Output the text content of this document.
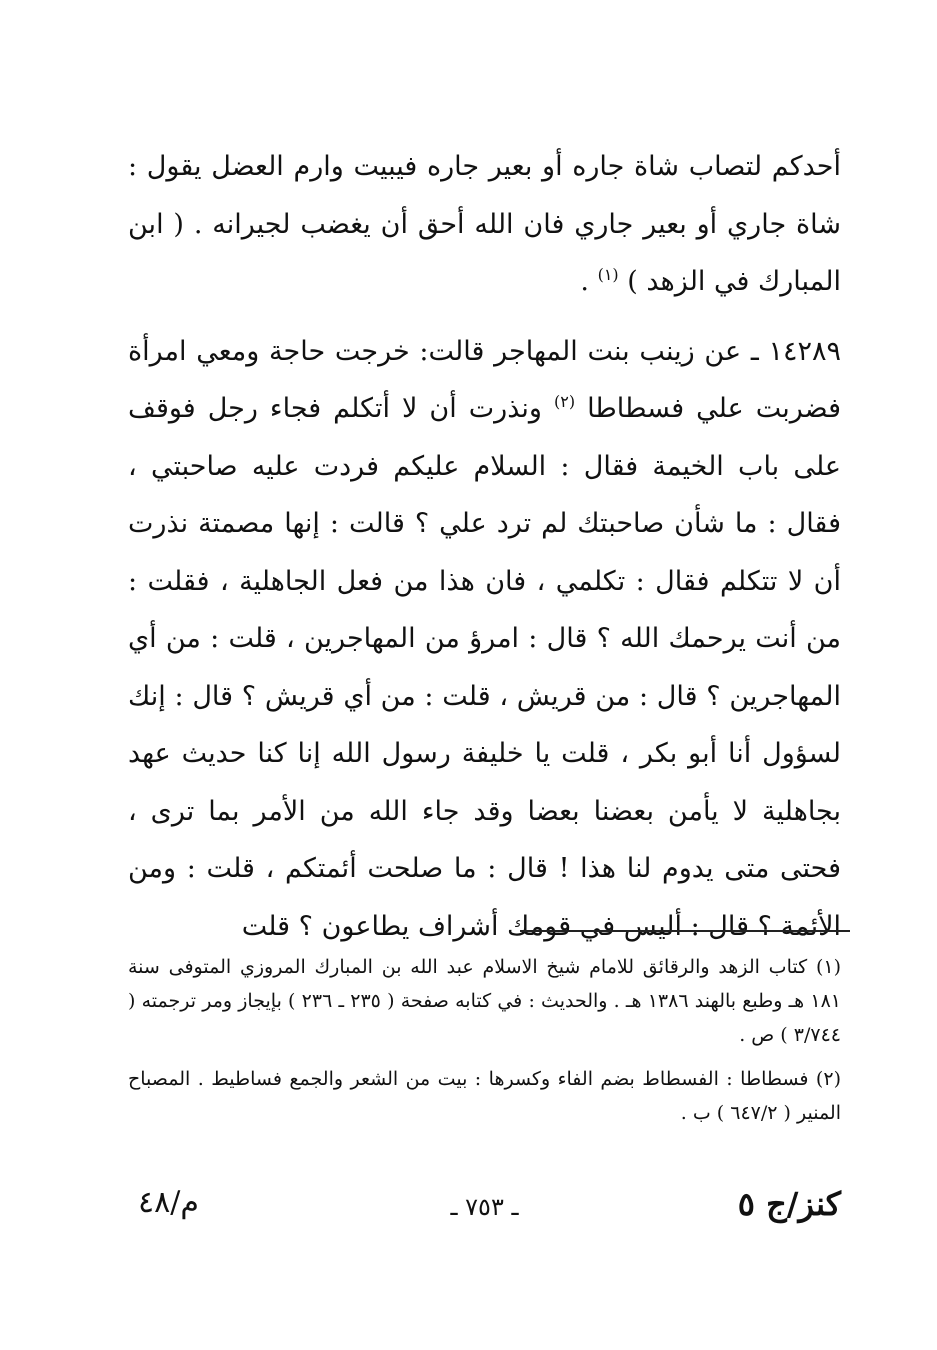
أحدكم لتصاب شاة جاره أو بعير جاره فيبيت وارم العضل يقول : شاة جاري أو بعير جاري فان الله أحق أن يغضب لجيرانه . ( ابن المبارك في الزهد ) $^{(١)}$ .

١٤٢٨٩ ـ عن زينب بنت المهاجر قالت: خرجت حاجة ومعي امرأة فضربت علي فسطاطا $^{(٢)}$ ونذرت أن لا أتكلم فجاء رجل فوقف على باب الخيمة فقال : السلام عليكم فردت عليه صاحبتي ، فقال : ما شأن صاحبتك لم ترد علي ؟ قالت : إنها مصمتة نذرت أن لا تتكلم فقال : تكلمي ، فان هذا من فعل الجاهلية ، فقلت : من أنت يرحمك الله ؟ قال : امرؤ من المهاجرين ، قلت : من أي المهاجرين ؟ قال : من قريش ، قلت : من أي قريش ؟ قال : إنك لسؤول أنا أبو بكر ، قلت يا خليفة رسول الله إنا كنا حديث عهد بجاهلية لا يأمن بعضنا بعضا وقد جاء الله من الأمر بما ترى ، فحتى متى يدوم لنا هذا ! قال : ما صلحت أئمتكم ، قلت : ومن الأئمة ؟ قال : أليس في قومك أشراف يطاعون ؟ قلت

(١) كتاب الزهد والرقائق للامام شيخ الاسلام عبد الله بن المبارك المروزي المتوفى سنة ١٨١ هـ وطبع بالهند ١٣٨٦ هـ . والحديث : في كتابه صفحة ( ٢٣٥ ـ ٢٣٦ ) بإيجاز ومر ترجمته ( ٣/٧٤٤ ) ص .

(٢) فسطاطا : الفسطاط بضم الفاء وكسرها : بيت من الشعر والجمع فساطيط . المصباح المنير ( ٦٤٧/٢ ) ب .

م/٤٨	ـ ٧٥٣ ـ	كنز/ج ٥
